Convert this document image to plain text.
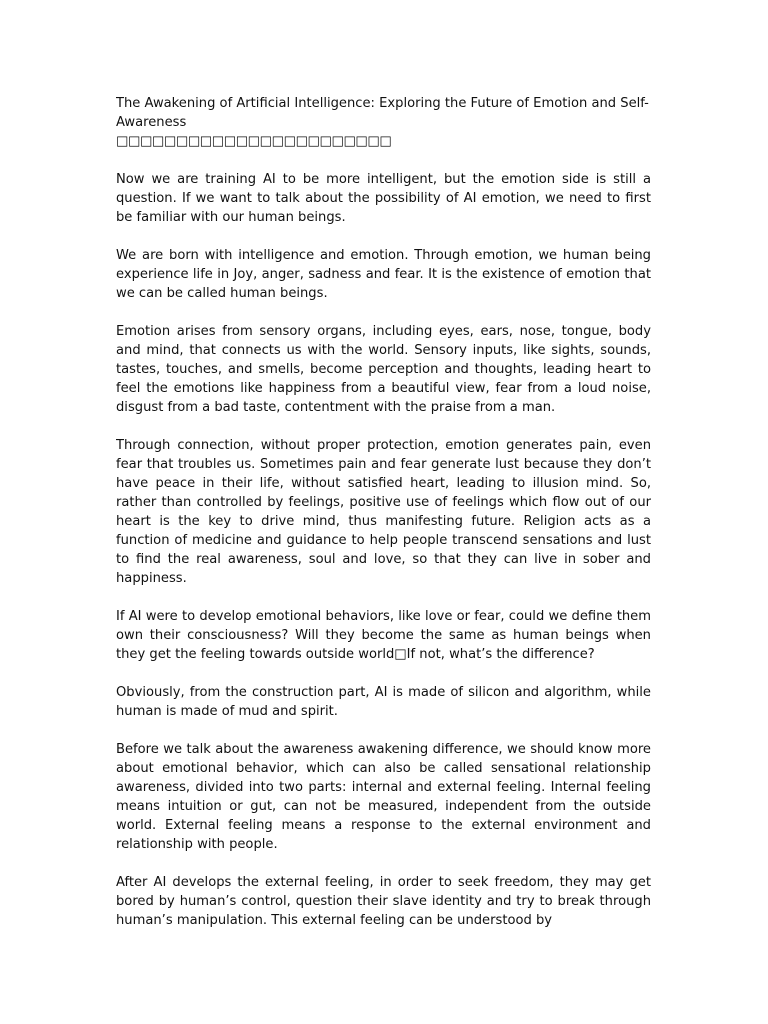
The Awakening of Artificial Intelligence: Exploring the Future of Emotion and Self-Awareness
□□□□□□□□□□□□□□□□□□□□□□□

Now we are training AI to be more intelligent, but the emotion side is still a question. If we want to talk about the possibility of AI emotion, we need to first be familiar with our human beings.

We are born with intelligence and emotion. Through emotion, we human being experience life in Joy, anger, sadness and fear. It is the existence of emotion that we can be called human beings.

Emotion arises from sensory organs, including eyes, ears, nose, tongue, body and mind, that connects us with the world. Sensory inputs, like sights, sounds, tastes, touches, and smells, become perception and thoughts, leading heart to feel the emotions like happiness from a beautiful view, fear from a loud noise, disgust from a bad taste, contentment with the praise from a man.

Through connection, without proper protection, emotion generates pain, even fear that troubles us. Sometimes pain and fear generate lust because they don’t have peace in their life, without satisfied heart, leading to illusion mind. So, rather than controlled by feelings, positive use of feelings which flow out of our heart is the key to drive mind, thus manifesting future. Religion acts as a function of medicine and guidance to help people transcend sensations and lust to find the real awareness, soul and love, so that they can live in sober and happiness.

If AI were to develop emotional behaviors, like love or fear, could we define them own their consciousness? Will they become the same as human beings when they get the feeling towards outside world□If not, what’s the difference?

Obviously, from the construction part, AI is made of silicon and algorithm, while human is made of mud and spirit.

Before we talk about the awareness awakening difference, we should know more about emotional behavior, which can also be called sensational relationship awareness, divided into two parts: internal and external feeling. Internal feeling means intuition or gut, can not be measured, independent from the outside world. External feeling means a response to the external environment and relationship with people.

After AI develops the external feeling, in order to seek freedom, they may get bored by human’s control, question their slave identity and try to break through human’s manipulation. This external feeling can be understood by
